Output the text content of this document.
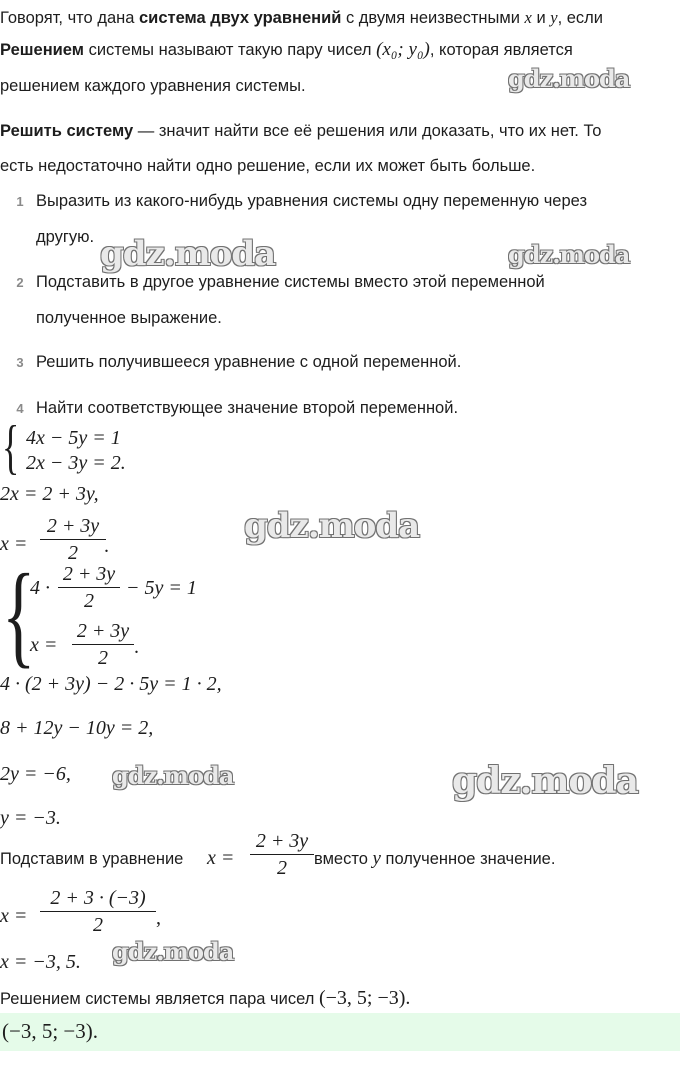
Говорят, что дана система двух уравнений с двумя неизвестными x и y, если
Решением системы называют такую пару чисел (x₀; y₀), которая является
решением каждого уравнения системы.
Решить систему — значит найти все её решения или доказать, что их нет. То
есть недостаточно найти одно решение, если их может быть больше.
1 Выразить из какого-нибудь уравнения системы одну переменную через
другую.
2 Подставить в другое уравнение системы вместо этой переменной
полученное выражение.
3 Решить получившееся уравнение с одной переменной.
4 Найти соответствующее значение второй переменной.
{ 4x − 5y = 1
2x − 3y = 2.
2x = 2 + 3y,
x =
2 + 3y
2	.
{
4 ·
2 + 3y
2
− 5y = 1
x =
2 + 3y
2	.
4 · (2 + 3y) − 2 · 5y = 1 · 2,
8 + 12y − 10y = 2,
2y = −6,
y = −3.
Подставим в уравнение x =
2 + 3y
2	вместо y полученное значение.
x =
2 + 3 · (−3)
2	,
x = −3, 5.
Решением системы является пара чисел (−3, 5; −3).
(−3, 5; −3).
gdz.moda
gdz.moda	gdz.moda
gdz.moda
gdz.moda	gdz.moda
gdz.moda
